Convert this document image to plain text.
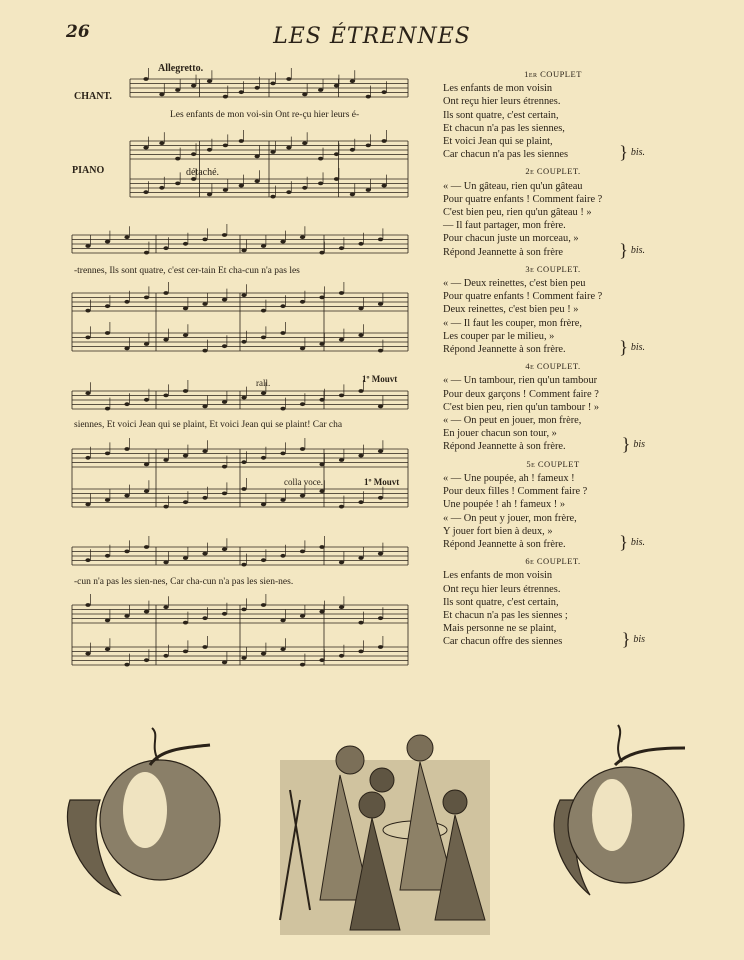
26	LES ÉTRENNES
Allegretto.
CHANT.
PIANO	détaché.
rall.	1º Mouvt
colla voce.	1º Mouvt
Les enfants de mon voi-sin Ont re-çu hier leurs é-
-trennes, Ils sont quatre, c'est cer-tain Et cha-cun n'a pas les
siennes, Et voici Jean qui se plaint, Et voici Jean qui se plaint! Car cha
-cun n'a pas les sien-nes, Car cha-cun n'a pas les sien-nes.
1er COUPLET
Les enfants de mon voisin
Ont reçu hier leurs étrennes.
Ils sont quatre, c'est certain,
Et chacun n'a pas les siennes,
Et voici Jean qui se plaint,
Car chacun n'a pas les siennes	} bis.
2e COUPLET.
« — Un gâteau, rien qu'un gâteau
Pour quatre enfants ! Comment faire ?
C'est bien peu, rien qu'un gâteau ! »
— Il faut partager, mon frère.
Pour chacun juste un morceau, »
Répond Jeannette à son frère	} bis.
3e COUPLET.
« — Deux reinettes, c'est bien peu
Pour quatre enfants ! Comment faire ?
Deux reinettes, c'est bien peu ! »
« — Il faut les couper, mon frère,
Les couper par le milieu, »
Répond Jeannette à son frère.	} bis.
4e COUPLET.
« — Un tambour, rien qu'un tambour
Pour deux garçons ! Comment faire ?
C'est bien peu, rien qu'un tambour ! »
« — On peut en jouer, mon frère,
En jouer chacun son tour, »
Répond Jeannette à son frère.	} bis
5e COUPLET
« — Une poupée, ah ! fameux !
Pour deux filles ! Comment faire ?
Une poupée ! ah ! fameux ! »
« — On peut y jouer, mon frère,
Y jouer fort bien à deux, »
Répond Jeannette à son frère.	} bis.
6e COUPLET.
Les enfants de mon voisin
Ont reçu hier leurs étrennes.
Ils sont quatre, c'est certain,
Et chacun n'a pas les siennes ;
Mais personne ne se plaint,
Car chacun offre des siennes	} bis
